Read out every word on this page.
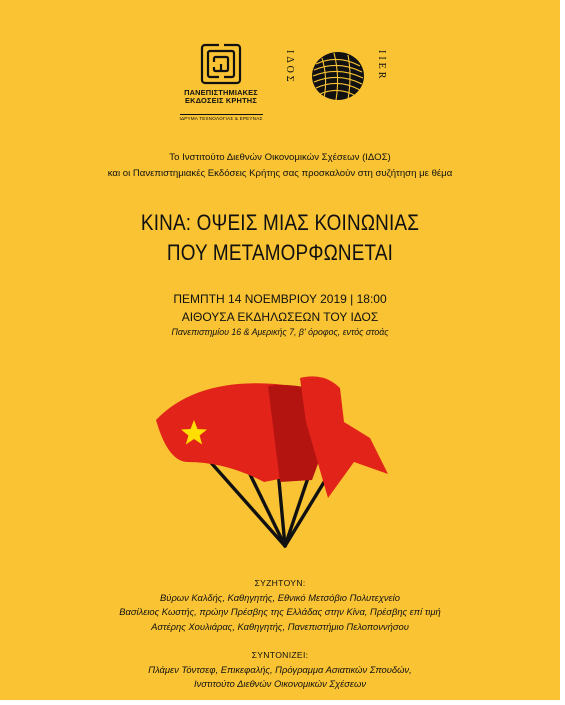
ΠΑΝΕΠΙΣΤΗΜΙΑΚΕΣ
ΕΚΔΟΣΕΙΣ ΚΡΗΤΗΣ
ΙΔΡΥΜΑ ΤΕΧΝΟΛΟΓΙΑΣ & ΕΡΕΥΝΑΣ
ΙΔΟΣ	IIER
Το Ινστιτούτο Διεθνών Οικονομικών Σχέσεων (ΙΔΟΣ)
και οι Πανεπιστημιακές Εκδόσεις Κρήτης σας προσκαλούν στη συζήτηση με θέμα
ΚΙΝΑ: ΟΨΕΙΣ ΜΙΑΣ ΚΟΙΝΩΝΙΑΣ
ΠΟΥ ΜΕΤΑΜΟΡΦΩΝΕΤΑΙ
ΠΕΜΠΤΗ 14 ΝΟΕΜΒΡΙΟΥ 2019 | 18:00
ΑΙΘΟΥΣΑ ΕΚΔΗΛΩΣΕΩΝ ΤΟΥ ΙΔΟΣ
Πανεπιστημίου 16 & Αμερικής 7, β' όροφος, εντός στοάς
ΣΥΖΗΤΟΥΝ:
Βύρων Καλδής, Καθηγητής, Εθνικό Μετσόβιο Πολυτεχνείο
Βασίλειος Κωστής, πρώην Πρέσβης της Ελλάδας στην Κίνα, Πρέσβης επί τιμή
Αστέρης Χουλιάρας, Καθηγητής, Πανεπιστήμιο Πελοποννήσου
ΣΥΝΤΟΝΙΖΕΙ:
Πλάμεν Τόντσεφ, Επικεφαλής, Πρόγραμμα Ασιατικών Σπουδών,
Ινστιτούτο Διεθνών Οικονομικών Σχέσεων
